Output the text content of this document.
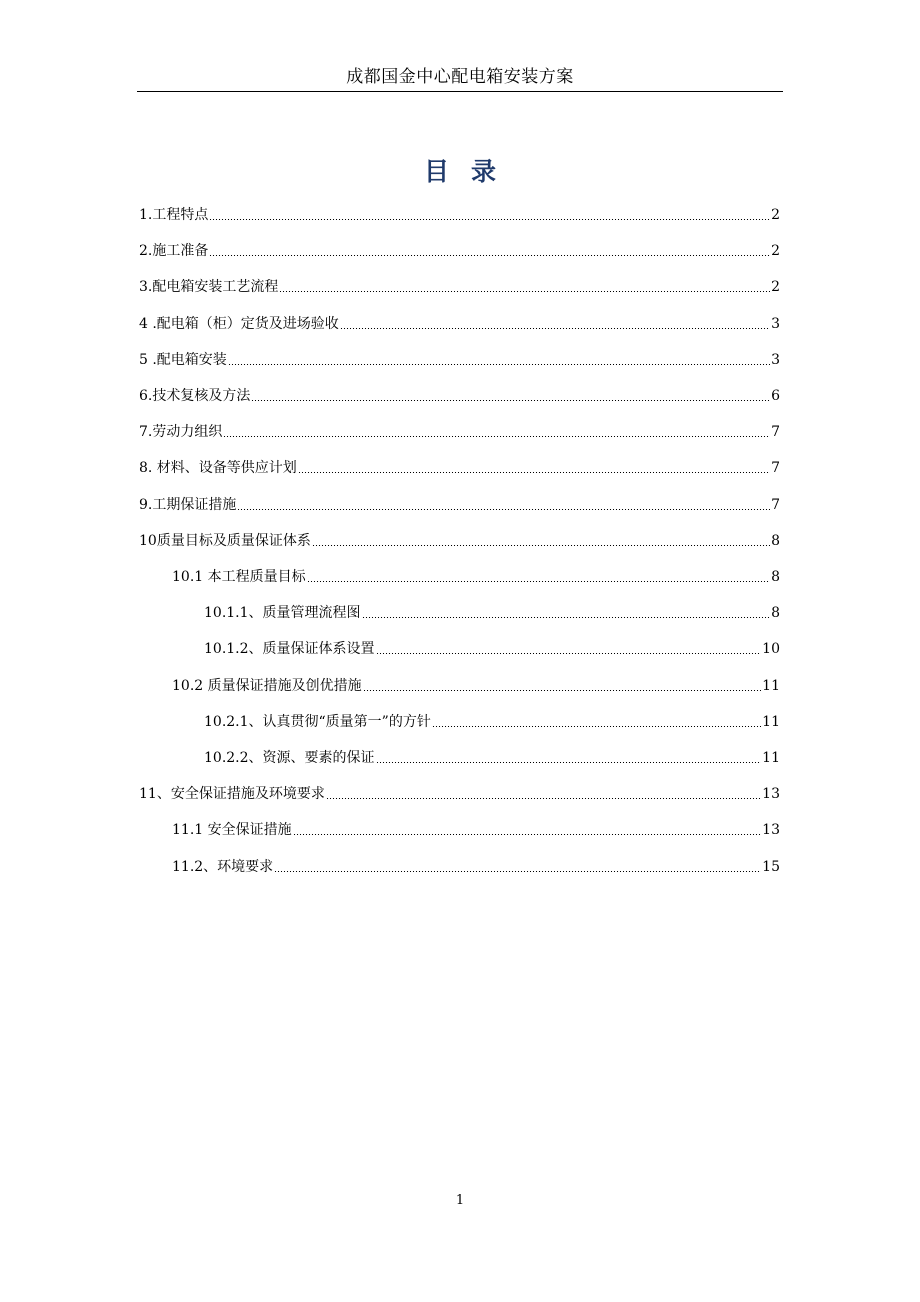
成都国金中心配电箱安装方案
目录
1.工程特点	2
2.施工准备	2
3.配电箱安装工艺流程	2
4 .配电箱（柜）定货及进场验收	3
5 .配电箱安装	3
6.技术复核及方法	6
7.劳动力组织	7
8. 材料、设备等供应计划	7
9.工期保证措施	7
10质量目标及质量保证体系	8
10.1 本工程质量目标	8
10.1.1、质量管理流程图	8
10.1.2、质量保证体系设置	10
10.2 质量保证措施及创优措施	11
10.2.1、认真贯彻“质量第一”的方针	11
10.2.2、资源、要素的保证	11
11、安全保证措施及环境要求	13
11.1 安全保证措施	13
11.2、环境要求	15
1
